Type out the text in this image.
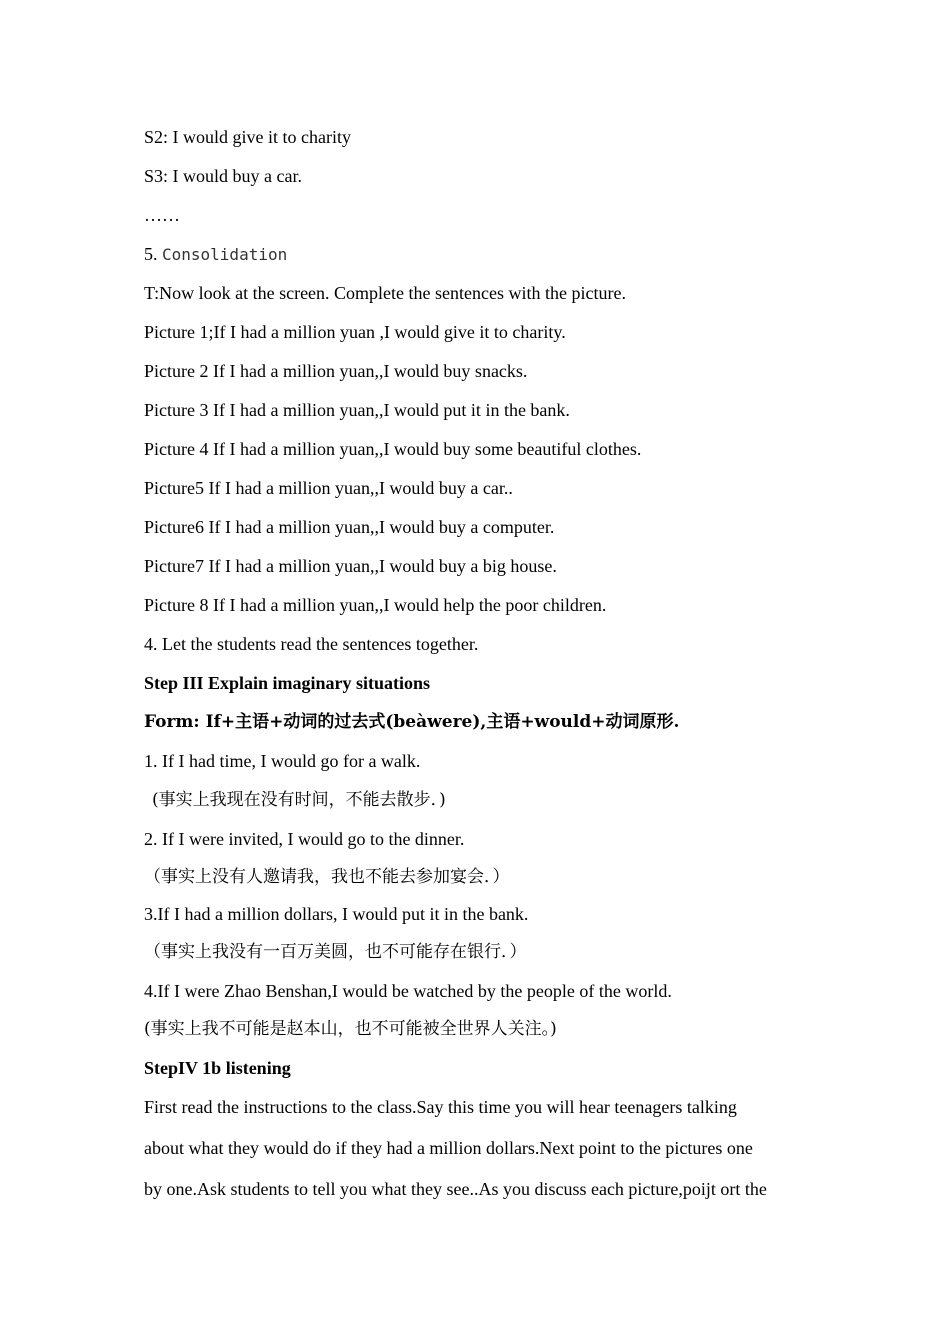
S2: I would give it to charity
S3: I would buy a car.
……
5. Consolidation
T:Now look at the screen. Complete the sentences with the picture.
Picture 1;If I had a million yuan ,I would give it to charity.
Picture 2 If I had a million yuan,,I would buy snacks.
Picture 3 If I had a million yuan,,I would put it in the bank.
Picture 4 If I had a million yuan,,I would buy some beautiful clothes.
Picture5 If I had a million yuan,,I would buy a car..
Picture6 If I had a million yuan,,I would buy a computer.
Picture7 If I had a million yuan,,I would buy a big house.
Picture 8 If I had a million yuan,,I would help the poor children.
4. Let the students read the sentences together.
Step III Explain imaginary situations
Form: If+主语+动词的过去式(beàwere),主语+would+动词原形.
1. If I had time, I would go for a walk.
(事实上我现在没有时间，不能去散步．)
2. If I were invited, I would go to the dinner.
（事实上没有人邀请我，我也不能去参加宴会．）
3.If I had a million dollars, I would put it in the bank.
（事实上我没有一百万美圆，也不可能存在银行．）
4.If I were Zhao Benshan,I would be watched by the people of the world.
(事实上我不可能是赵本山，也不可能被全世界人关注。)
StepIV 1b listening
First read the instructions to the class.Say this time you will hear teenagers talking
about what they would do if they had a million dollars.Next point to the pictures one
by one.Ask students to tell you what they see..As you discuss each picture,poijt ort the
